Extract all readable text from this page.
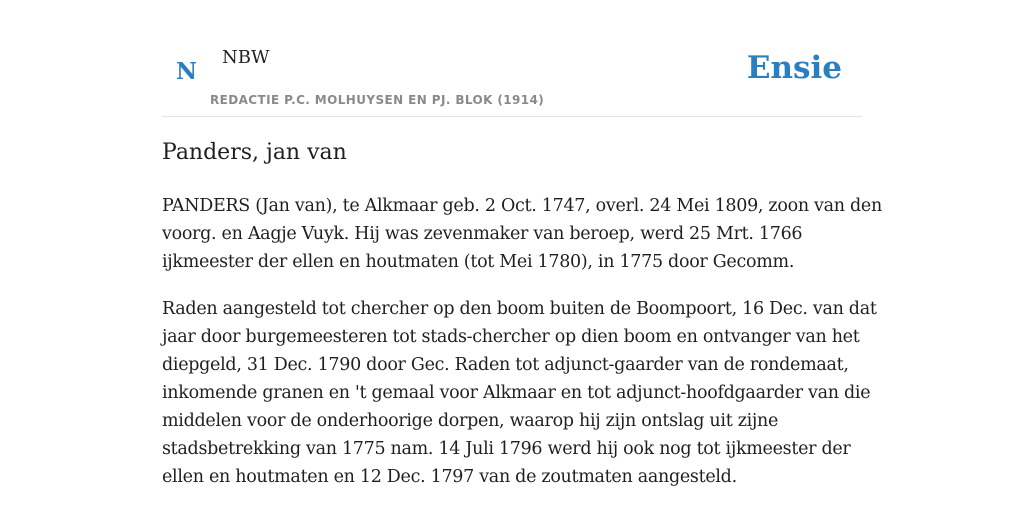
N
NBW
REDACTIE P.C. MOLHUYSEN EN PJ. BLOK (1914)
Ensie
Panders, jan van

PANDERS (Jan van), te Alkmaar geb. 2 Oct. 1747, overl. 24 Mei 1809, zoon van den
voorg. en Aagje Vuyk. Hij was zevenmaker van beroep, werd 25 Mrt. 1766
ijkmeester der ellen en houtmaten (tot Mei 1780), in 1775 door Gecomm.

Raden aangesteld tot chercher op den boom buiten de Boompoort, 16 Dec. van dat
jaar door burgemeesteren tot stads-chercher op dien boom en ontvanger van het
diepgeld, 31 Dec. 1790 door Gec. Raden tot adjunct-gaarder van de rondemaat,
inkomende granen en 't gemaal voor Alkmaar en tot adjunct-hoofdgaarder van die
middelen voor de onderhoorige dorpen, waarop hij zijn ontslag uit zijne
stadsbetrekking van 1775 nam. 14 Juli 1796 werd hij ook nog tot ijkmeester der
ellen en houtmaten en 12 Dec. 1797 van de zoutmaten aangesteld.
